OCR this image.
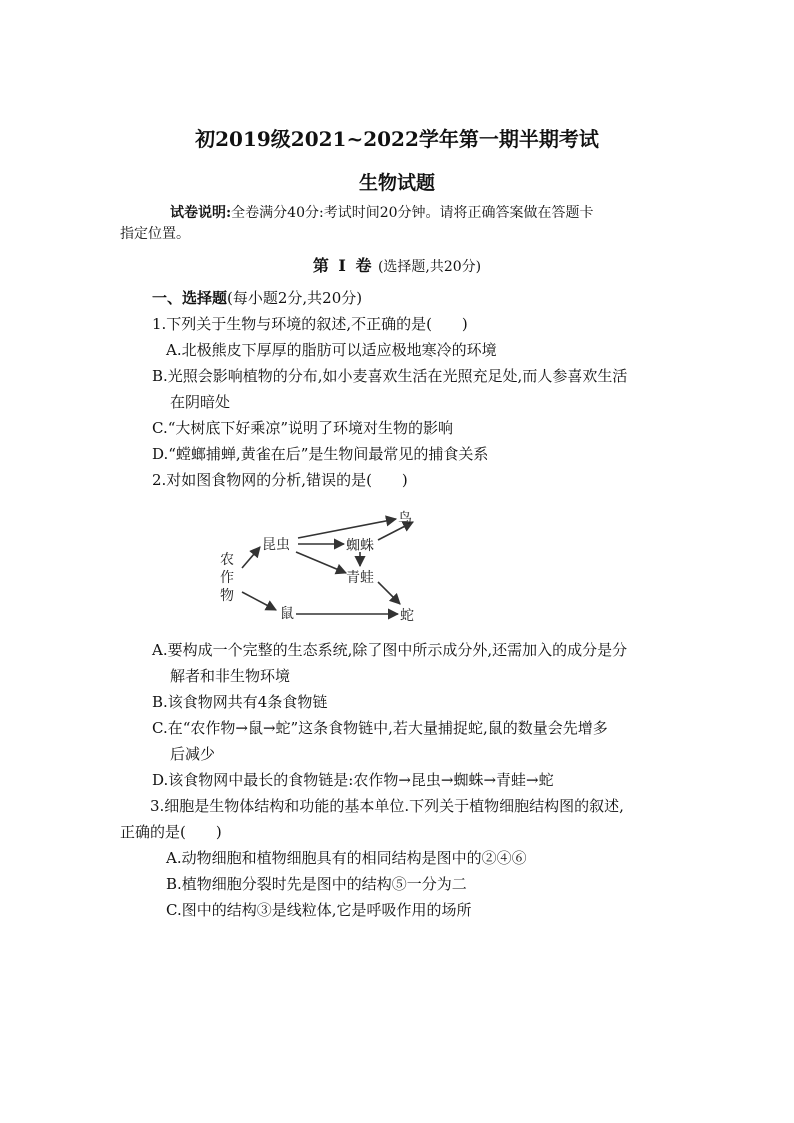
初2019级2021~2022学年第一期半期考试
生物试题
试卷说明:全卷满分40分:考试时间20分钟。请将正确答案做在答题卡
指定位置。
第 Ⅰ 卷 (选择题,共20分)
一、选择题(每小题2分,共20分)
1.下列关于生物与环境的叙述,不正确的是(　　)
A.北极熊皮下厚厚的脂肪可以适应极地寒冷的环境
B.光照会影响植物的分布,如小麦喜欢生活在光照充足处,而人参喜欢生活
在阴暗处
C.“大树底下好乘凉”说明了环境对生物的影响
D.“螳螂捕蝉,黄雀在后”是生物间最常见的捕食关系
2.对如图食物网的分析,错误的是(　　)
农
作
物
昆虫
鸟
蜘蛛
青蛙
鼠	蛇
A.要构成一个完整的生态系统,除了图中所示成分外,还需加入的成分是分
解者和非生物环境
B.该食物网共有4条食物链
C.在“农作物→鼠→蛇”这条食物链中,若大量捕捉蛇,鼠的数量会先增多
后减少
D.该食物网中最长的食物链是:农作物→昆虫→蜘蛛→青蛙→蛇
3.细胞是生物体结构和功能的基本单位.下列关于植物细胞结构图的叙述,
正确的是(　　)
A.动物细胞和植物细胞具有的相同结构是图中的②④⑥
B.植物细胞分裂时先是图中的结构⑤一分为二
C.图中的结构③是线粒体,它是呼吸作用的场所
